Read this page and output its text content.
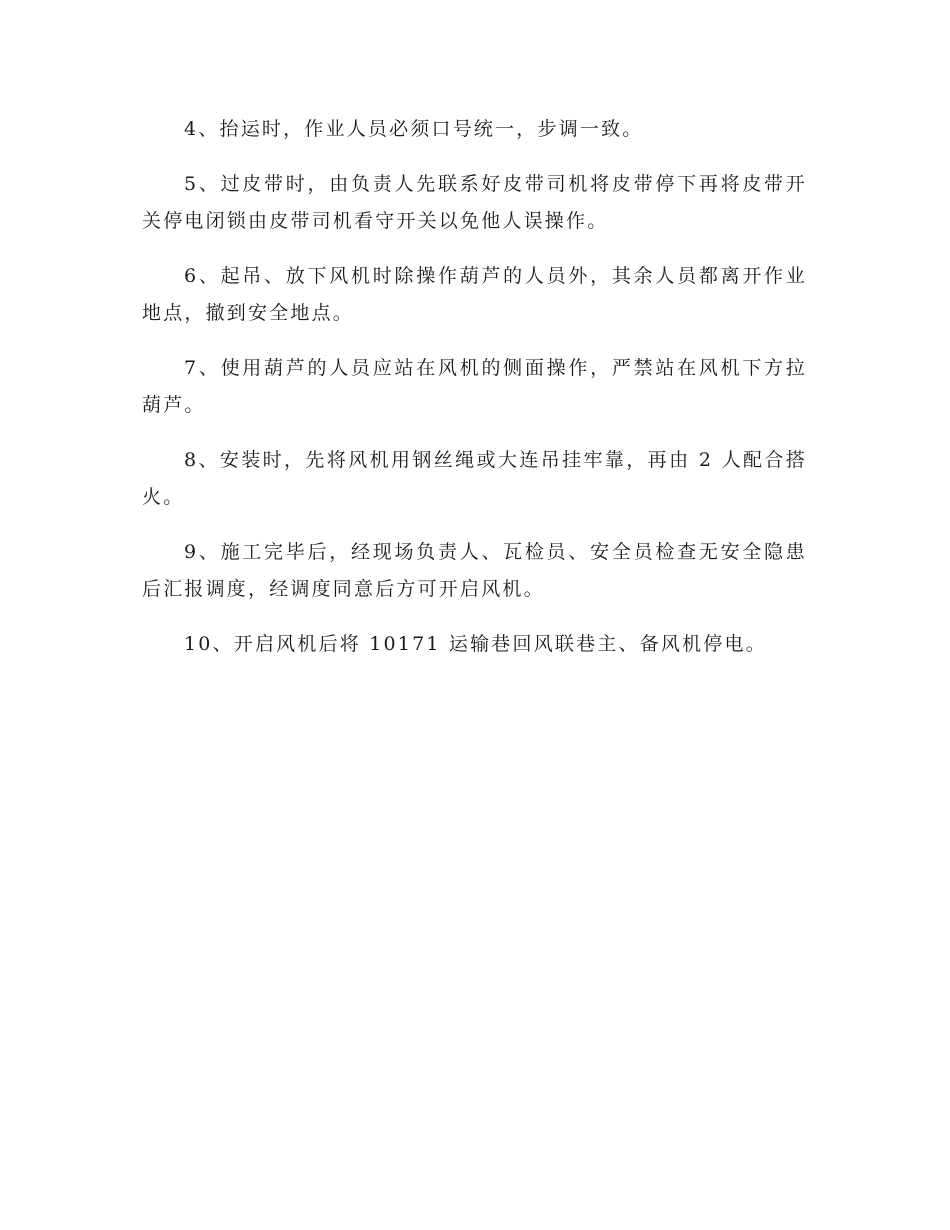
4、抬运时，作业人员必须口号统一，步调一致。

5、过皮带时，由负责人先联系好皮带司机将皮带停下再将皮带开关停电闭锁由皮带司机看守开关以免他人误操作。

6、起吊、放下风机时除操作葫芦的人员外，其余人员都离开作业地点，撤到安全地点。

7、使用葫芦的人员应站在风机的侧面操作，严禁站在风机下方拉葫芦。

8、安装时，先将风机用钢丝绳或大连吊挂牢靠，再由 2 人配合搭火。

9、施工完毕后，经现场负责人、瓦检员、安全员检查无安全隐患后汇报调度，经调度同意后方可开启风机。

10、开启风机后将 10171 运输巷回风联巷主、备风机停电。
